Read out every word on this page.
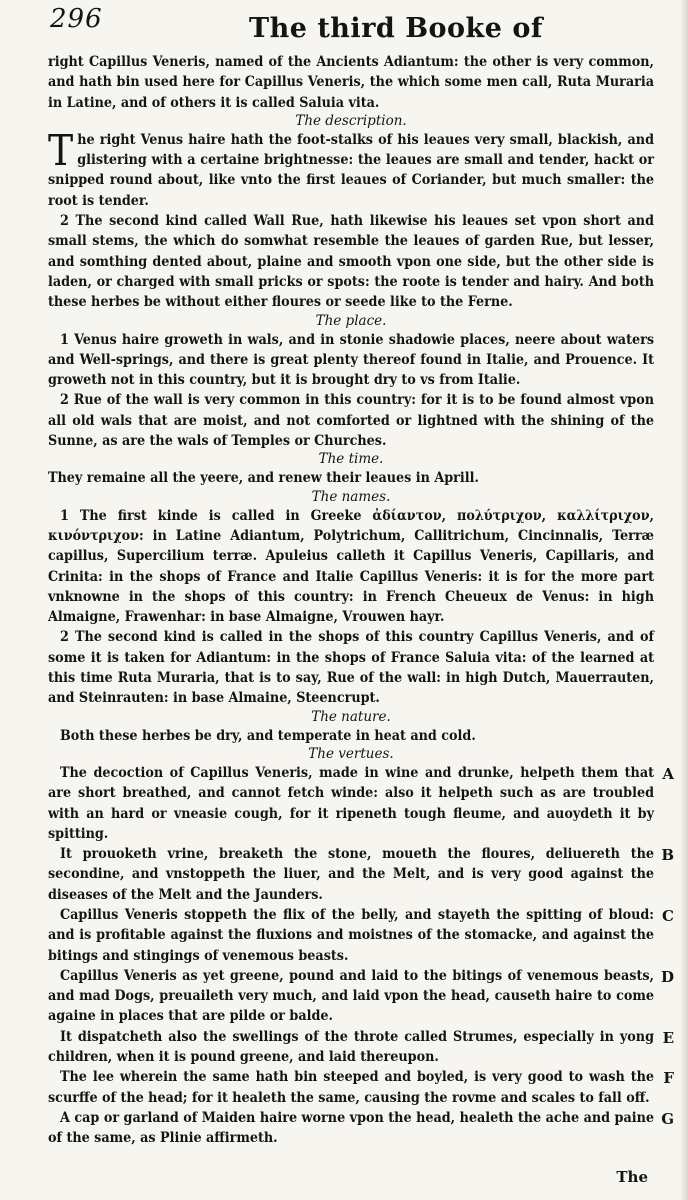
296	The third Booke of

right Capillus Veneris, named of the Ancients Adiantum: the other is very common, and hath bin used here for Capillus Veneris, the which some men call, Ruta Muraria in Latine, and of others it is called Saluia vita.

The description.

The right Venus haire hath the foot-stalks of his leaues very small, blackish, and glistering with a certaine brightnesse: the leaues are small and tender, hackt or snipped round about, like vnto the first leaues of Coriander, but much smaller: the root is tender.

2 The second kind called Wall Rue, hath likewise his leaues set vpon short and small stems, the which do somwhat resemble the leaues of garden Rue, but lesser, and somthing dented about, plaine and smooth vpon one side, but the other side is laden, or charged with small pricks or spots: the roote is tender and hairy. And both these herbes be without either floures or seede like to the Ferne.

The place.

1 Venus haire groweth in wals, and in stonie shadowie places, neere about waters and Well-springs, and there is great plenty thereof found in Italie, and Prouence. It groweth not in this country, but it is brought dry to vs from Italie.

2 Rue of the wall is very common in this country: for it is to be found almost vpon all old wals that are moist, and not comforted or lightned with the shining of the Sunne, as are the wals of Temples or Churches.

The time.

They remaine all the yeere, and renew their leaues in Aprill.

The names.

1 The first kinde is called in Greeke ἀδίαντον, πολύτριχον, καλλίτριχον, κινόντριχον: in Latine Adiantum, Polytrichum, Callitrichum, Cincinnalis, Terræ capillus, Supercilium terræ. Apuleius calleth it Capillus Veneris, Capillaris, and Crinita: in the shops of France and Italie Capillus Veneris: it is for the more part vnknowne in the shops of this country: in French Cheueux de Venus: in high Almaigne, Frawenhar: in base Almaigne, Vrouwen hayr.

2 The second kind is called in the shops of this country Capillus Veneris, and of some it is taken for Adiantum: in the shops of France Saluia vita: of the learned at this time Ruta Muraria, that is to say, Rue of the wall: in high Dutch, Mauerrauten, and Steinrauten: in base Almaine, Steencrupt.

The nature.

Both these herbes be dry, and temperate in heat and cold.

The vertues.

The decoction of Capillus Veneris, made in wine and drunke, helpeth them that are short breathed, and cannot fetch winde: also it helpeth such as are troubled with an hard or vneasie cough, for it ripeneth tough fleume, and auoydeth it by spitting.

It prouoketh vrine, breaketh the stone, moueth the floures, deliuereth the secondine, and vnstoppeth the liuer, and the Melt, and is very good against the diseases of the Melt and the Jaunders.

Capillus Veneris stoppeth the flix of the belly, and stayeth the spitting of bloud: and is profitable against the fluxions and moistnes of the stomacke, and against the bitings and stingings of venemous beasts.

Capillus Veneris as yet greene, pound and laid to the bitings of venemous beasts, and mad Dogs, preuaileth very much, and laid vpon the head, causeth haire to come againe in places that are pilde or balde.

It dispatcheth also the swellings of the throte called Strumes, especially in yong children, when it is pound greene, and laid thereupon.

The lee wherein the same hath bin steeped and boyled, is very good to wash the scurffe of the head; for it healeth the same, causing the rovme and scales to fall off.

A cap or garland of Maiden haire worne vpon the head, healeth the ache and paine of the same, as Plinie affirmeth.

The
A
B
C
D
E
F
G
